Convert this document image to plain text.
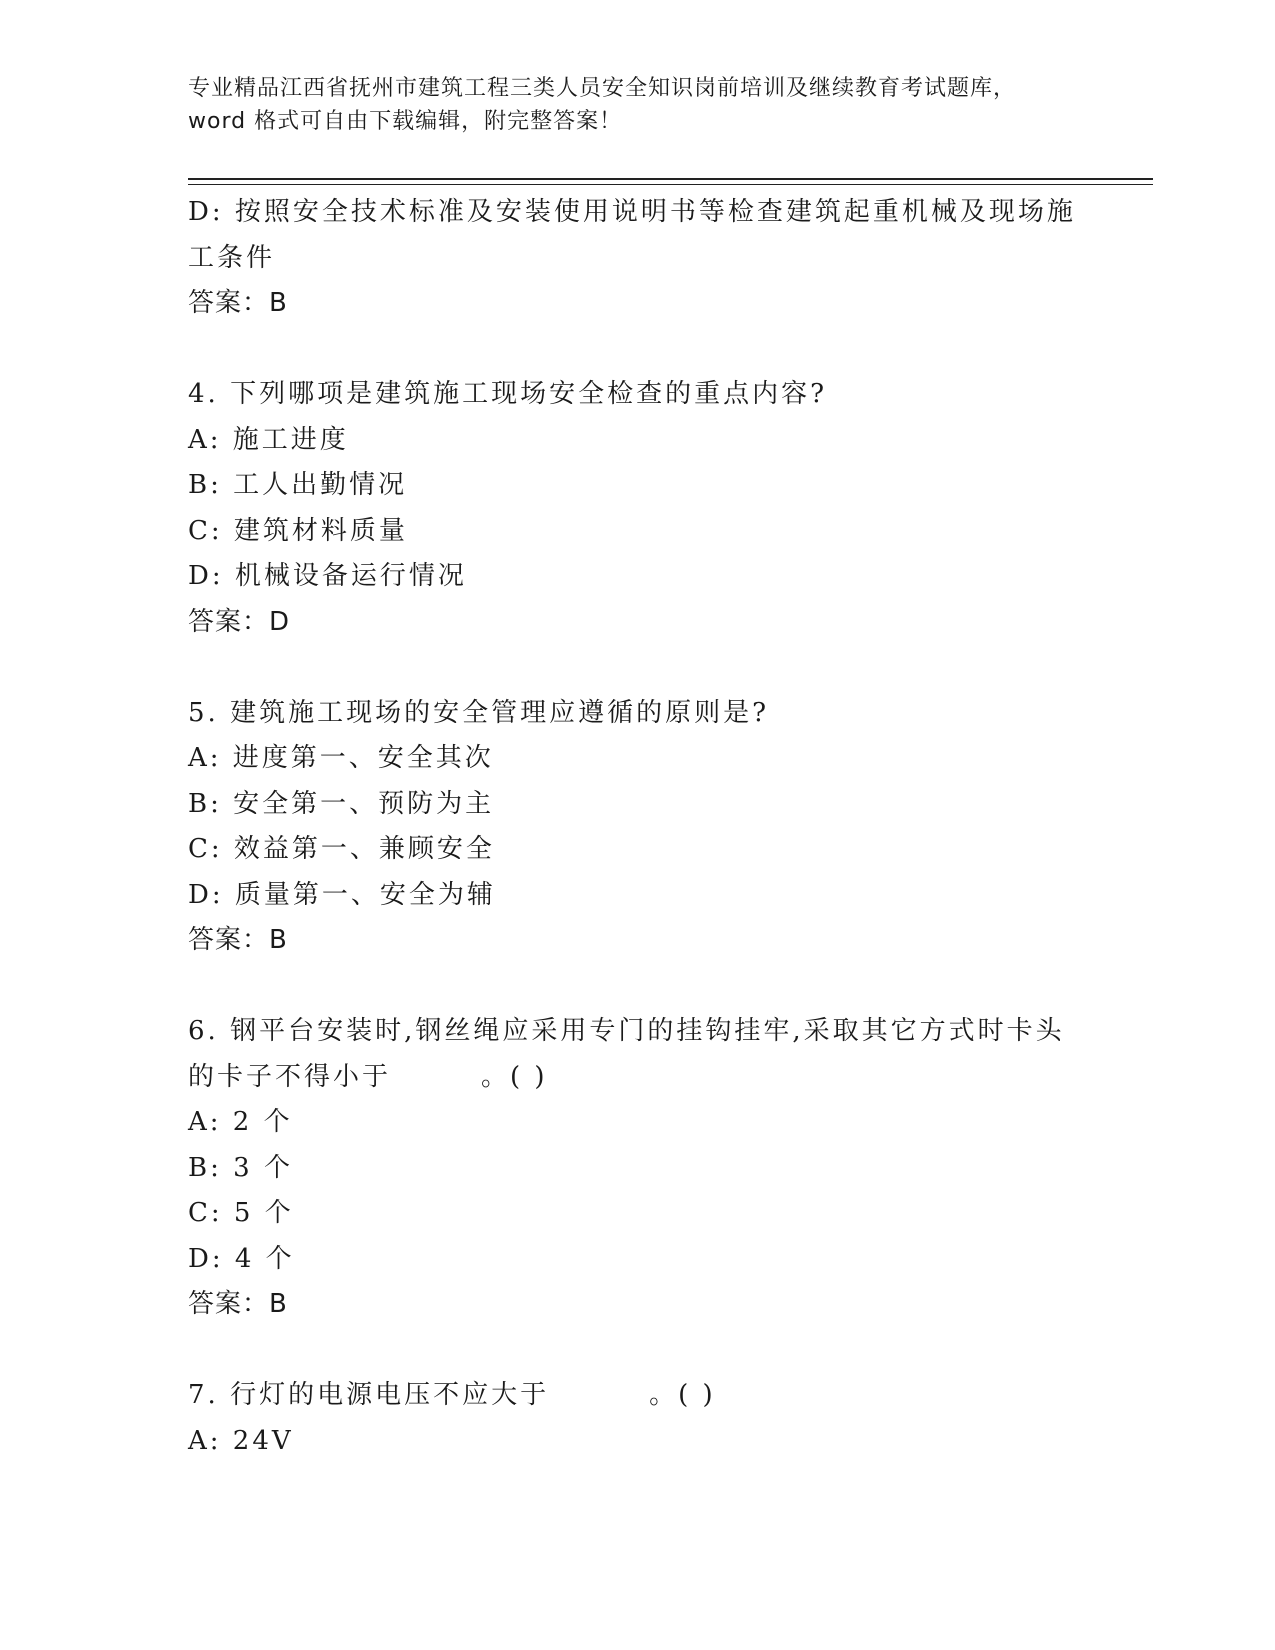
专业精品江西省抚州市建筑工程三类人员安全知识岗前培训及继续教育考试题库，
word 格式可自由下载编辑，附完整答案！
D: 按照安全技术标准及安装使用说明书等检查建筑起重机械及现场施
工条件
答案：B
4. 下列哪项是建筑施工现场安全检查的重点内容?
A: 施工进度
B: 工人出勤情况
C: 建筑材料质量
D: 机械设备运行情况
答案：D
5. 建筑施工现场的安全管理应遵循的原则是?
A: 进度第一、安全其次
B: 安全第一、预防为主
C: 效益第一、兼顾安全
D: 质量第一、安全为辅
答案：B
6. 钢平台安装时,钢丝绳应采用专门的挂钩挂牢,采取其它方式时卡头
的卡子不得小于	。( )
A: 2 个
B: 3 个
C: 5 个
D: 4 个
答案：B
7. 行灯的电源电压不应大于	。( )
A: 24V
